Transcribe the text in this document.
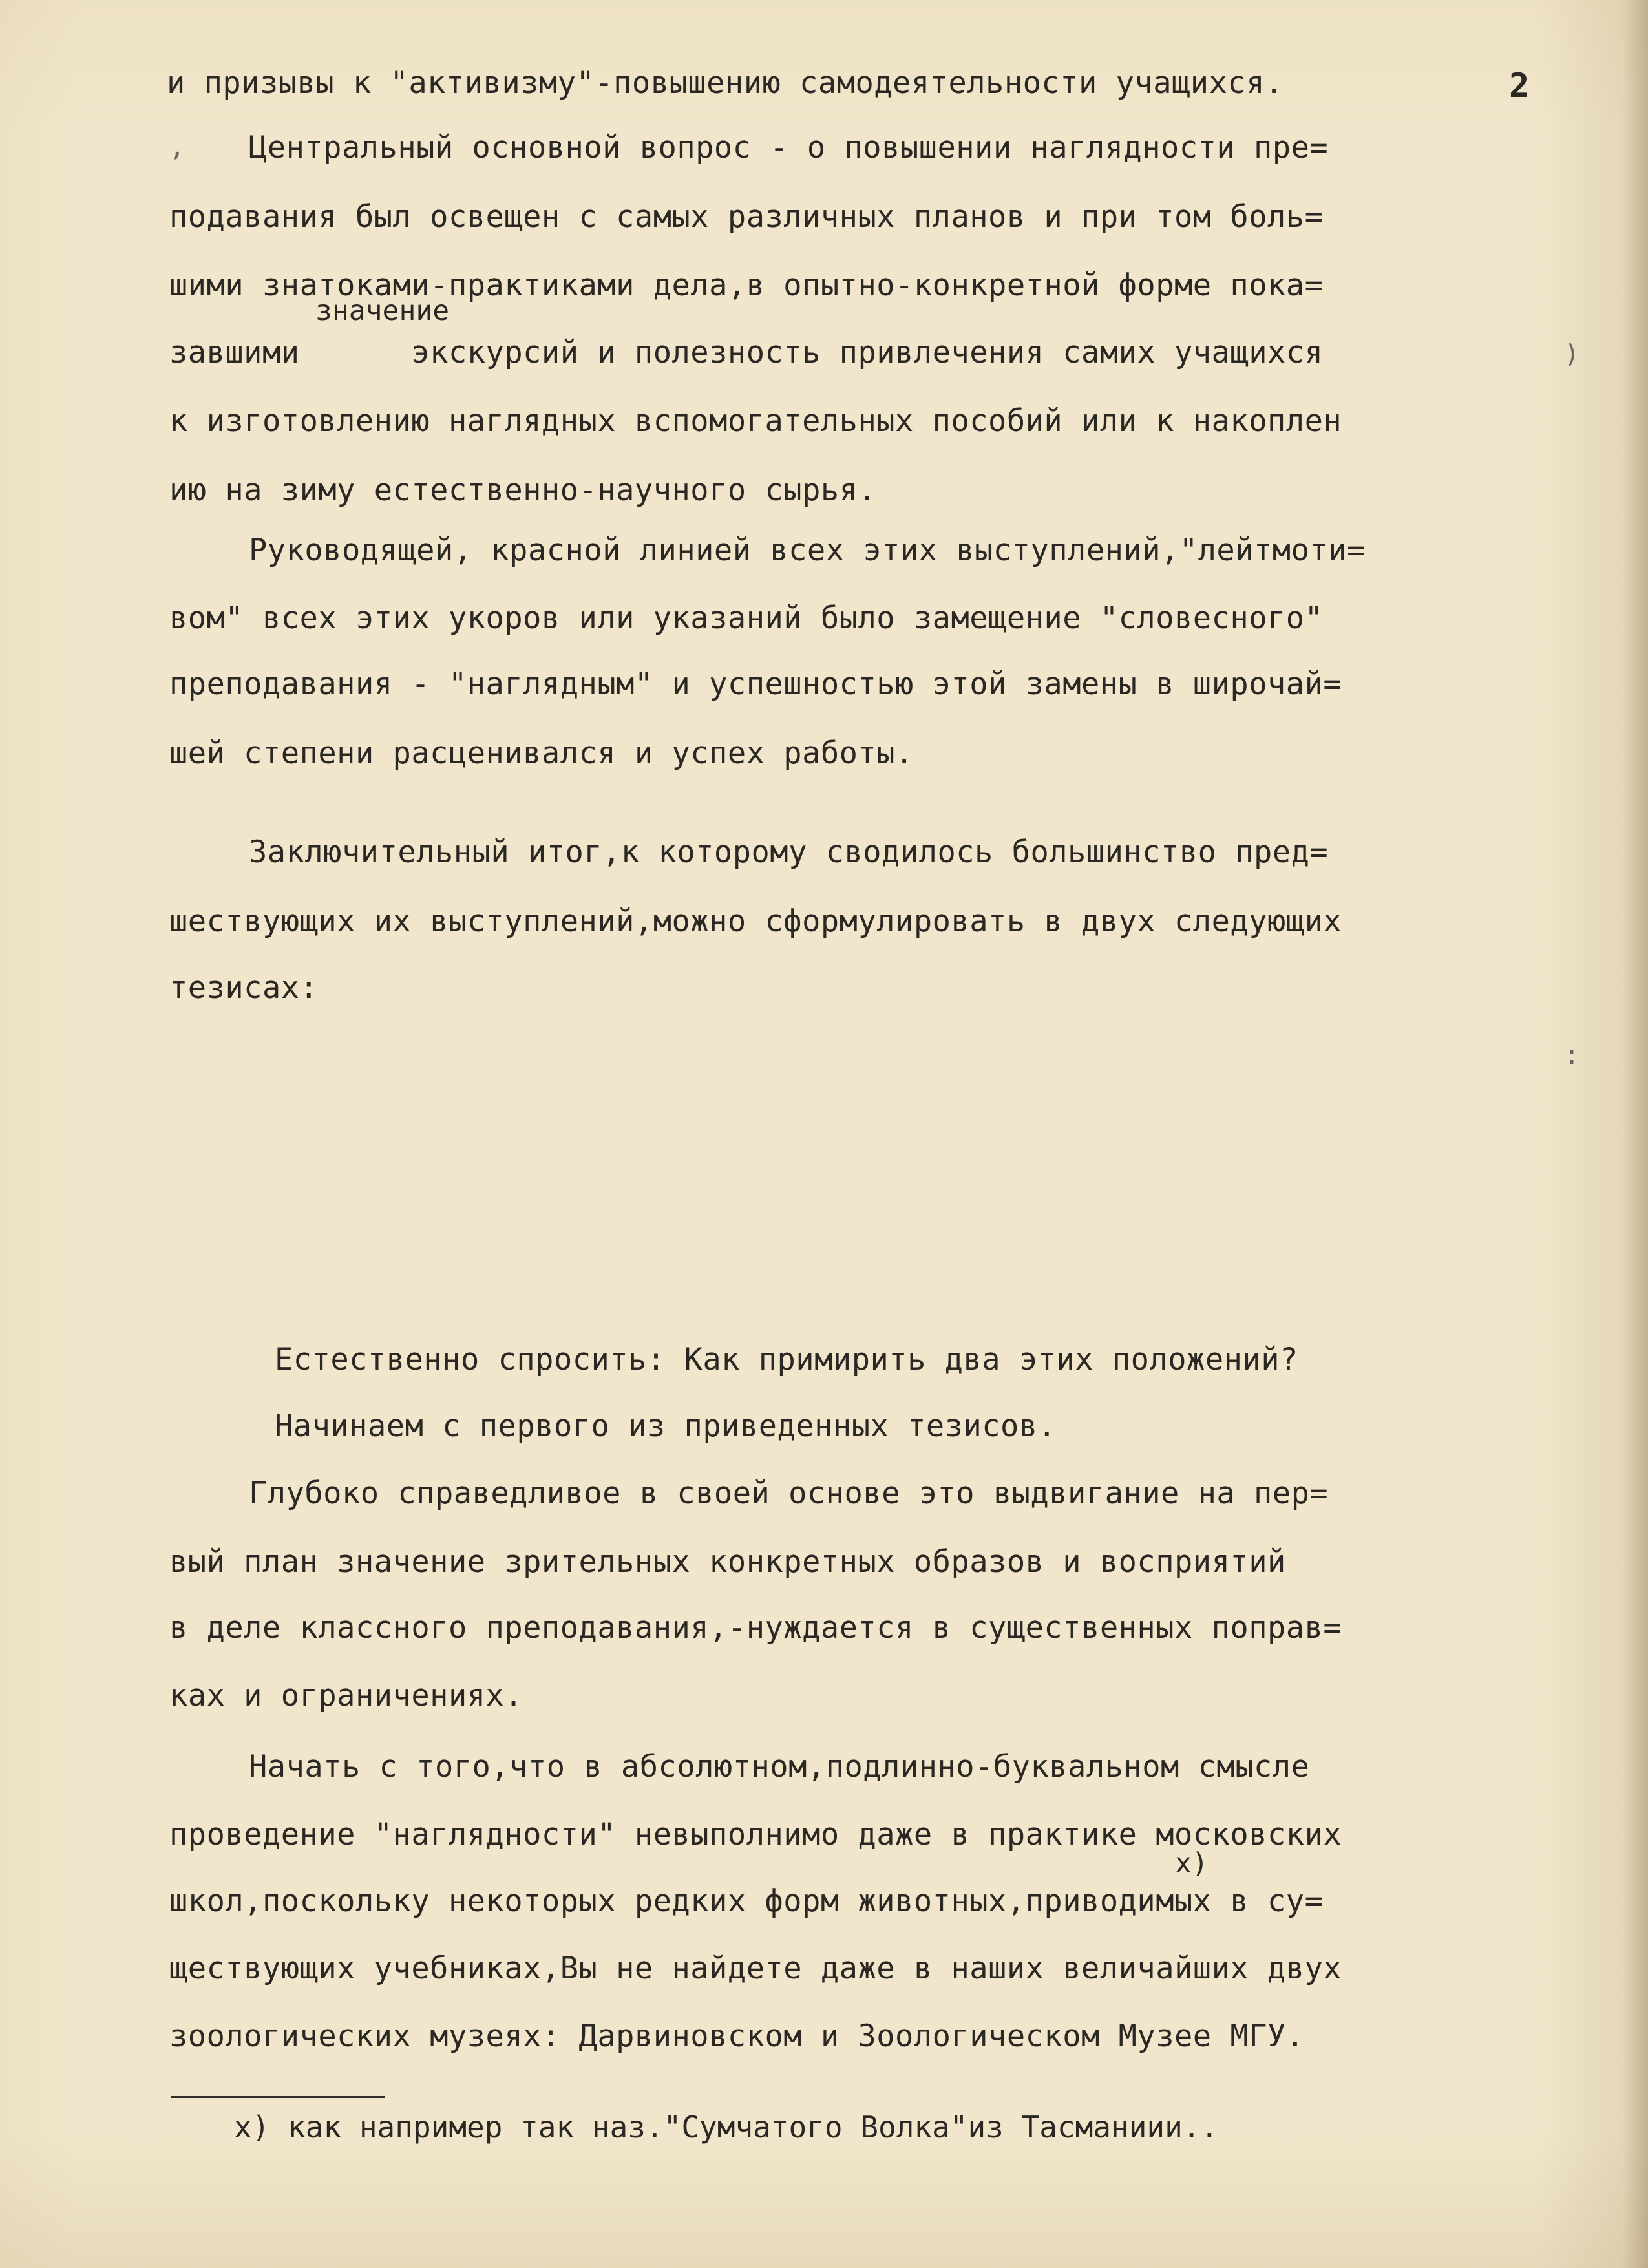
2
и призывы к "активизму"-повышению самодеятельности учащихся.
, Центральный основной вопрос - о повышении наглядности пре=
подавания был освещен с самых различных планов и при том боль=
шими знатоками-практиками дела,в опытно-конкретной форме пока=
значение
завшими      экскурсий и полезность привлечения самих учащихся	)
к изготовлению наглядных вспомогательных пособий или к накоплен
ию на зиму естественно-научного сырья.
Руководящей, красной линией всех этих выступлений,"лейтмоти=
вом" всех этих укоров или указаний было замещение "словесного"
преподавания - "наглядным" и успешностью этой замены в широчай=
шей степени расценивался и успех работы.
Заключительный итог,к которому сводилось большинство пред=
шествующих их выступлений,можно сформулировать в двух следующих
тезисах:
:
Естественно спросить: Как примирить два этих положений?
Начинаем с первого из приведенных тезисов.
Глубоко справедливое в своей основе это выдвигание на пер=
вый план значение зрительных конкретных образов и восприятий
в деле классного преподавания,-нуждается в существенных поправ=
ках и ограничениях.
Начать с того,что в абсолютном,подлинно-буквальном смысле
проведение "наглядности" невыполнимо даже в практике московских
x)
школ,поскольку некоторых редких форм животных,приводимых в су=
ществующих учебниках,Вы не найдете даже в наших величайших двух
зоологических музеях: Дарвиновском и Зоологическом Музее МГУ.
x) как например так наз."Сумчатого Волка"из Тасманиии..
